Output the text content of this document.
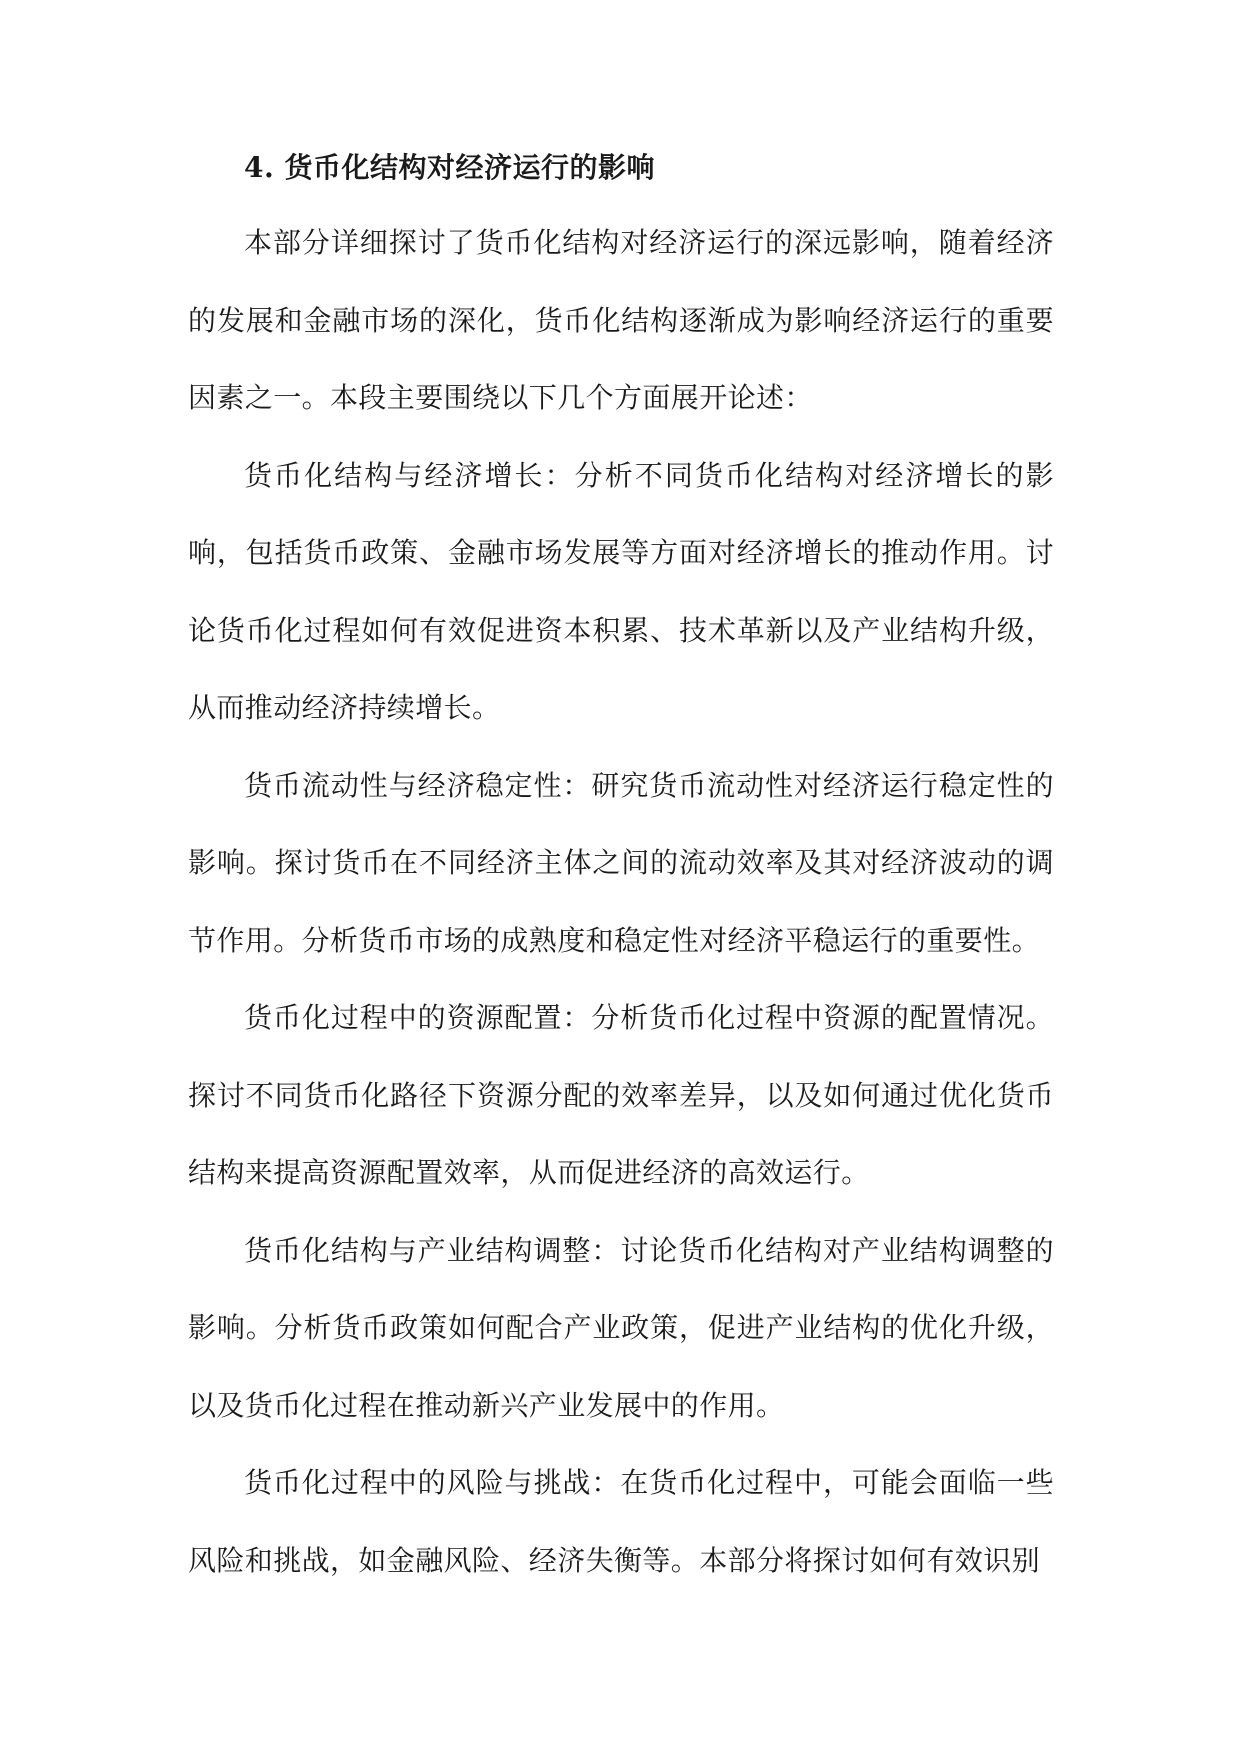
4. 货币化结构对经济运行的影响

本部分详细探讨了货币化结构对经济运行的深远影响，随着经济的发展和金融市场的深化，货币化结构逐渐成为影响经济运行的重要因素之一。本段主要围绕以下几个方面展开论述：

货币化结构与经济增长：分析不同货币化结构对经济增长的影响，包括货币政策、金融市场发展等方面对经济增长的推动作用。讨论货币化过程如何有效促进资本积累、技术革新以及产业结构升级，从而推动经济持续增长。

货币流动性与经济稳定性：研究货币流动性对经济运行稳定性的影响。探讨货币在不同经济主体之间的流动效率及其对经济波动的调节作用。分析货币市场的成熟度和稳定性对经济平稳运行的重要性。

货币化过程中的资源配置：分析货币化过程中资源的配置情况。探讨不同货币化路径下资源分配的效率差异，以及如何通过优化货币结构来提高资源配置效率，从而促进经济的高效运行。

货币化结构与产业结构调整：讨论货币化结构对产业结构调整的影响。分析货币政策如何配合产业政策，促进产业结构的优化升级，以及货币化过程在推动新兴产业发展中的作用。

货币化过程中的风险与挑战：在货币化过程中，可能会面临一些风险和挑战，如金融风险、经济失衡等。本部分将探讨如何有效识别
